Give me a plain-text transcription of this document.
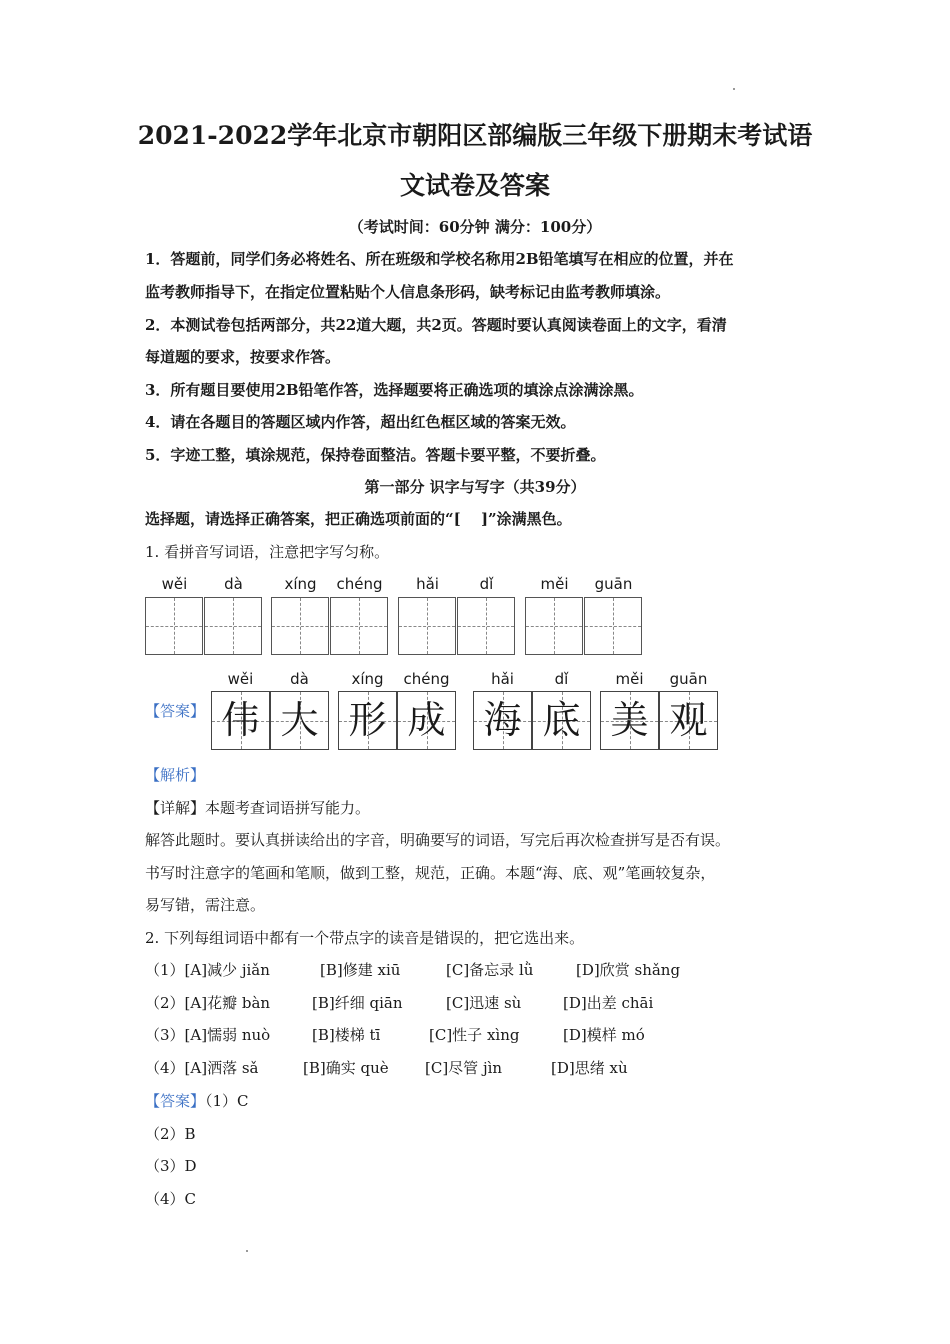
2021-2022学年北京市朝阳区部编版三年级下册期末考试语
文试卷及答案
（考试时间：60分钟 满分：100分）
1．答题前，同学们务必将姓名、所在班级和学校名称用2B铅笔填写在相应的位置，并在
监考教师指导下，在指定位置粘贴个人信息条形码，缺考标记由监考教师填涂。
2．本测试卷包括两部分，共22道大题，共2页。答题时要认真阅读卷面上的文字，看清
每道题的要求，按要求作答。
3．所有题目要使用2B铅笔作答，选择题要将正确选项的填涂点涂满涂黑。
4．请在各题目的答题区域内作答，超出红色框区域的答案无效。
5．字迹工整，填涂规范，保持卷面整洁。答题卡要平整，不要折叠。
第一部分 识字与写字（共39分）
选择题，请选择正确答案，把正确选项前面的“[　 ]”涂满黑色。
1. 看拼音写词语，注意把字写匀称。
wěi	dà	xíng	chéng	hǎi	dǐ	měi	guān
【答案】
wěi	dà	xíng	chéng	hǎi	dǐ	měi	guān
伟 大 形 成 海 底 美 观
【解析】
【详解】本题考查词语拼写能力。
解答此题时。要认真拼读给出的字音，明确要写的词语，写完后再次检查拼写是否有误。
书写时注意字的笔画和笔顺，做到工整，规范，正确。本题“海、底、观”笔画较复杂，
易写错，需注意。
2. 下列每组词语中都有一个带点字的读音是错误的，把它选出来。
（1）[A]减少 jiǎn	[B]修建 xiū	[C]备忘录 lǜ	[D]欣赏 shǎng
（2）[A]花瓣 bàn	[B]纤细 qiān	[C]迅速 sù	[D]出差 chāi
（3）[A]懦弱 nuò	[B]楼梯 tī	[C]性子 xìng	[D]模样 mó
（4）[A]洒落 sǎ	[B]确实 què [C]尽管 jìn	[D]思绪 xù
【答案】（1）C
（2）B
（3）D
（4）C
